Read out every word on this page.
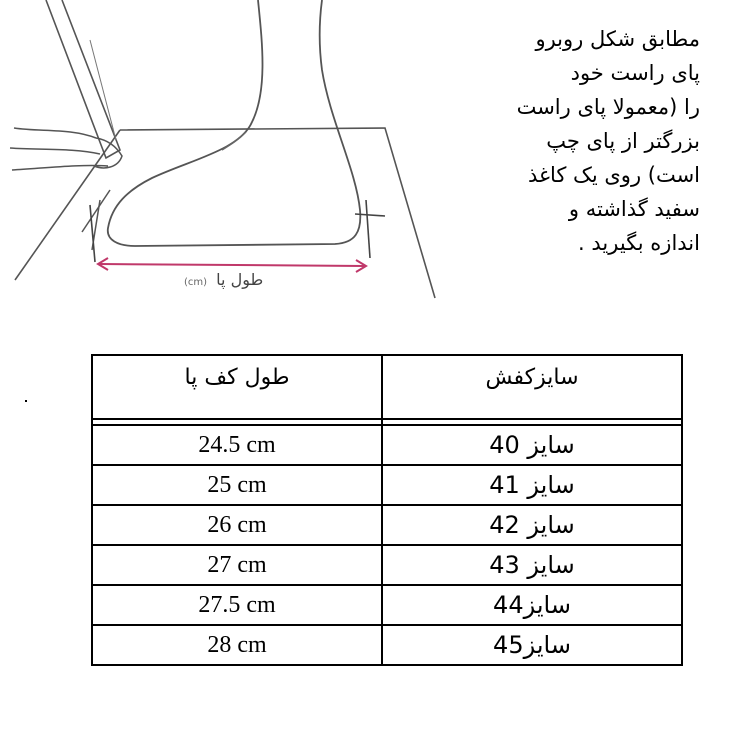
طول پا (cm)
مطابق شکل روبرو
پای راست خود
را (معمولا پای راست
بزرگتر از پای چپ
است) روی یک کاغذ
سفید گذاشته و
اندازه بگیرید .
طول کف پا	سایزکفش

24.5 cm	سایز 40
25 cm	سایز 41
26 cm	سایز 42
27 cm	سایز 43
27.5 cm	سایز44
28 cm	سایز45
